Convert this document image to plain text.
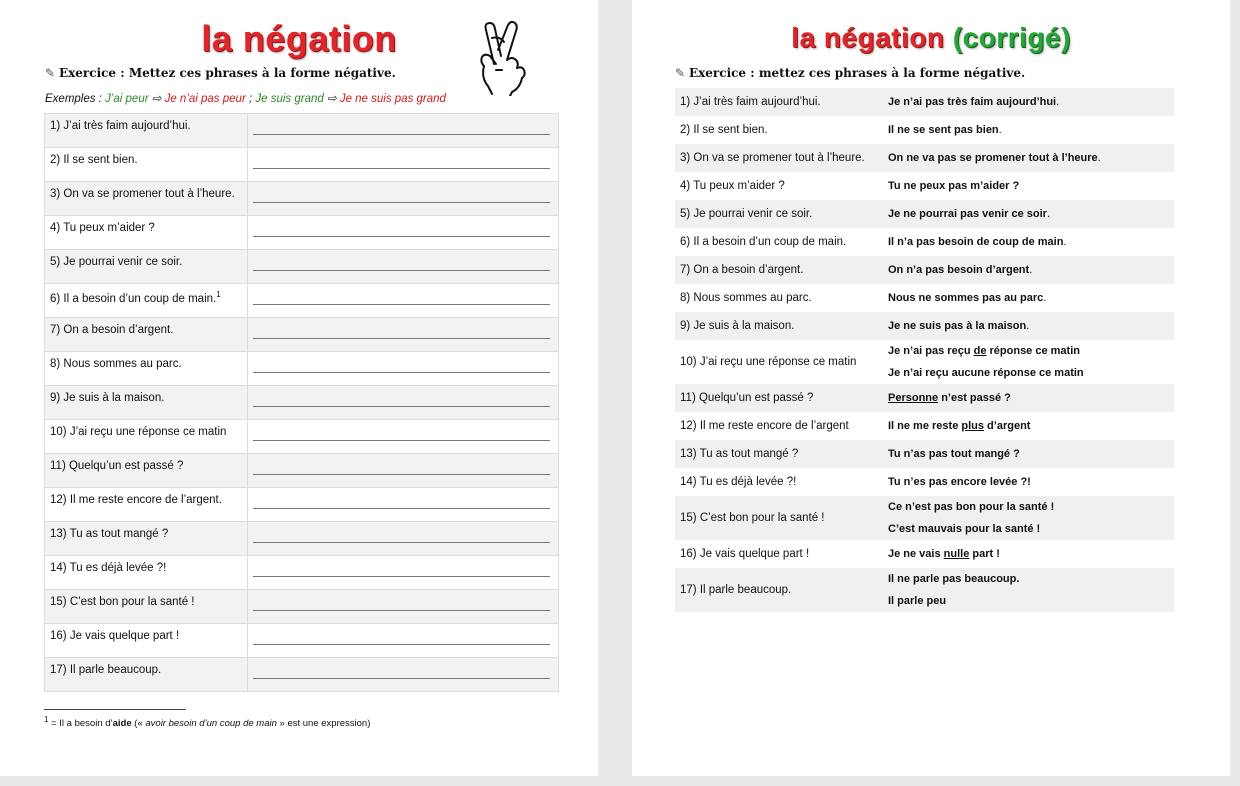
la négation
✎ Exercice : Mettez ces phrases à la forme négative.
Exemples : J’ai peur ⇨ Je n’ai pas peur ; Je suis grand ⇨ Je ne suis pas grand
1) J’ai très faim aujourd’hui.	

2) Il se sent bien.	

3) On va se promener tout à l’heure.	

4) Tu peux m’aider ?	

5) Je pourrai venir ce soir.	

6) Il a besoin d’un coup de main.$^1$	

7) On a besoin d’argent.	

8) Nous sommes au parc.	

9) Je suis à la maison.	

10) J’ai reçu une réponse ce matin	

11) Quelqu’un est passé ?	

12) Il me reste encore de l’argent.	

13) Tu as tout mangé ?	

14) Tu es déjà levée ?!	

15) C’est bon pour la santé !	

16) Je vais quelque part !	

17) Il parle beaucoup.	
$^1$ = Il a besoin d’aide (« avoir besoin d’un coup de main » est une expression)
la négation (corrigé)
✎ Exercice : mettez ces phrases à la forme négative.
1) J’ai très faim aujourd’hui.	Je n’ai pas très faim aujourd’hui.

2) Il se sent bien.	Il ne se sent pas bien.

3) On va se promener tout à l’heure.	On ne va pas se promener tout à l’heure.

4) Tu peux m’aider ?	Tu ne peux pas m’aider ?

5) Je pourrai venir ce soir.	Je ne pourrai pas venir ce soir.

6) Il a besoin d’un coup de main.	Il n’a pas besoin de coup de main.

7) On a besoin d’argent.	On n’a pas besoin d’argent.

8) Nous sommes au parc.	Nous ne sommes pas au parc.

9) Je suis à la maison.	Je ne suis pas à la maison.

10) J’ai reçu une réponse ce matin	Je n’ai pas reçu de réponse ce matin
Je n’ai reçu aucune réponse ce matin

11) Quelqu’un est passé ?	Personne n’est passé ?

12) Il me reste encore de l’argent	Il ne me reste plus d’argent

13) Tu as tout mangé ?	Tu n’as pas tout mangé ?

14) Tu es déjà levée ?!	Tu n’es pas encore levée ?!

15) C’est bon pour la santé !	Ce n’est pas bon pour la santé !
C’est mauvais pour la santé !

16) Je vais quelque part !	Je ne vais nulle part !

17) Il parle beaucoup.	Il ne parle pas beaucoup.
Il parle peu
